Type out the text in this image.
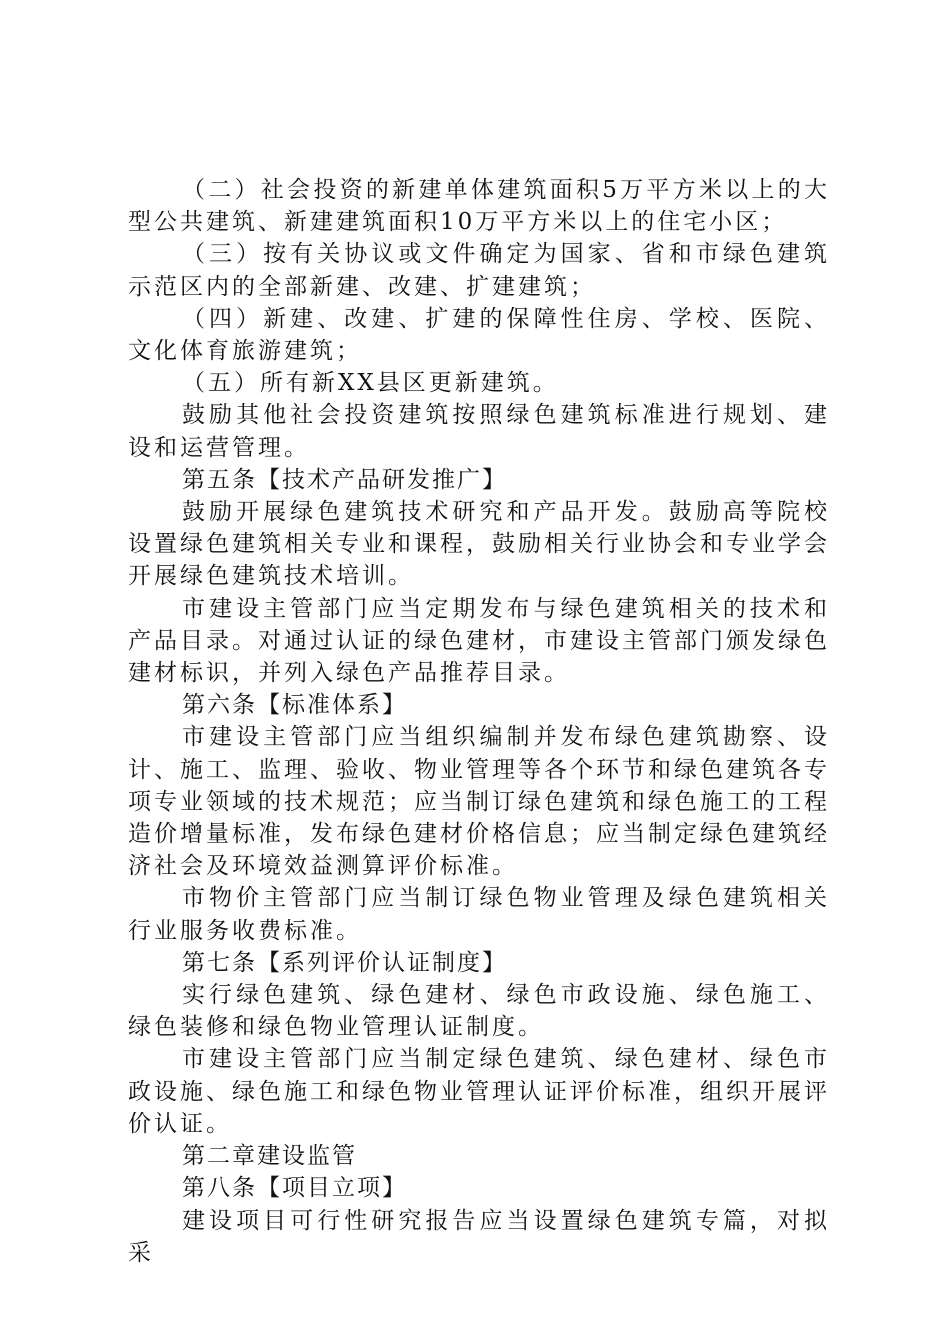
（二）社会投资的新建单体建筑面积5万平方米以上的大型公共建筑、新建建筑面积10万平方米以上的住宅小区；

（三）按有关协议或文件确定为国家、省和市绿色建筑示范区内的全部新建、改建、扩建建筑；

（四）新建、改建、扩建的保障性住房、学校、医院、文化体育旅游建筑；

（五）所有新XX县区更新建筑。

鼓励其他社会投资建筑按照绿色建筑标准进行规划、建设和运营管理。

第五条【技术产品研发推广】

鼓励开展绿色建筑技术研究和产品开发。鼓励高等院校设置绿色建筑相关专业和课程，鼓励相关行业协会和专业学会开展绿色建筑技术培训。

市建设主管部门应当定期发布与绿色建筑相关的技术和产品目录。对通过认证的绿色建材，市建设主管部门颁发绿色建材标识，并列入绿色产品推荐目录。

第六条【标准体系】

市建设主管部门应当组织编制并发布绿色建筑勘察、设计、施工、监理、验收、物业管理等各个环节和绿色建筑各专项专业领域的技术规范；应当制订绿色建筑和绿色施工的工程造价增量标准，发布绿色建材价格信息；应当制定绿色建筑经济社会及环境效益测算评价标准。

市物价主管部门应当制订绿色物业管理及绿色建筑相关行业服务收费标准。

第七条【系列评价认证制度】

实行绿色建筑、绿色建材、绿色市政设施、绿色施工、绿色装修和绿色物业管理认证制度。

市建设主管部门应当制定绿色建筑、绿色建材、绿色市政设施、绿色施工和绿色物业管理认证评价标准，组织开展评价认证。

第二章建设监管

第八条【项目立项】

建设项目可行性研究报告应当设置绿色建筑专篇，对拟采
